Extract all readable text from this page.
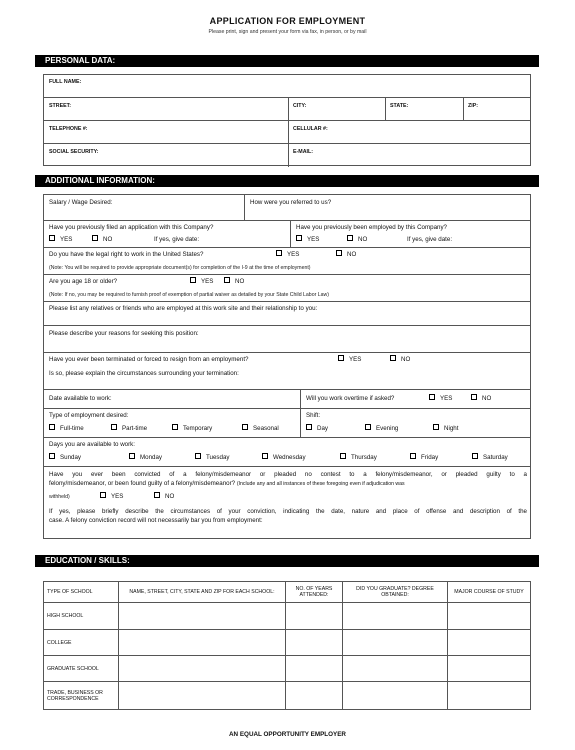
APPLICATION FOR EMPLOYMENT
Please print, sign and present your form via fax, in person, or by mail
PERSONAL DATA:
FULL NAME:
STREET:	CITY:	STATE:	ZIP:
TELEPHONE #:	CELLULAR #:
SOCIAL SECURITY:	E-MAIL:
ADDITIONAL INFORMATION:
Salary / Wage Desired:	How were you referred to us?
Have you previously filed an application with this Company?
YES	NO	If yes, give date:
Have you previously been employed by this Company?
YES	NO	If yes, give date:
Do you have the legal right to work in the United States?	YES	NO
(Note: You will be required to provide appropriate document(s) for completion of the I-9 at the time of employment)
Are you age 18 or older?	YES	NO
(Note: If no, you may be required to furnish proof of exemption of partial waiver as detailed by your State Child Labor Law)
Please list any relatives or friends who are employed at this work site and their relationship to you:
Please describe your reasons for seeking this position:
Have you ever been terminated or forced to resign from an employment?	YES	NO
Is so, please explain the circumstances surrounding your termination:
Date available to work:	Will you work overtime if asked?	YES	NO
Type of employment desired:
Full-time	Part-time	Temporary	Seasonal
Shift:
Day	Evening	Night
Days you are available to work:
Sunday	Monday	Tuesday	Wednesday	Thursday	Friday	Saturday
Have you ever been convicted of a felony/misdemeanor or pleaded no contest to a felony/misdemeanor, or pleaded guilty to a
felony/misdemeanor, or been found guilty of a felony/misdemeanor? (Include any and all instances of these foregoing even if adjudication was
withheld)	YES	NO
If yes, please briefly describe the circumstances of your conviction, indicating the date, nature and place of offense and description of the
case. A felony conviction record will not necessarily bar you from employment:
EDUCATION / SKILLS:
TYPE OF SCHOOL	NAME, STREET, CITY, STATE AND ZIP FOR EACH SCHOOL:	NO. OF YEARS ATTENDED:	DID YOU GRADUATE? DEGREE OBTAINED:	MAJOR COURSE OF STUDY
HIGH SCHOOL				
COLLEGE				
GRADUATE SCHOOL				
TRADE, BUSINESS OR CORRESPONDENCE				
AN EQUAL OPPORTUNITY EMPLOYER
